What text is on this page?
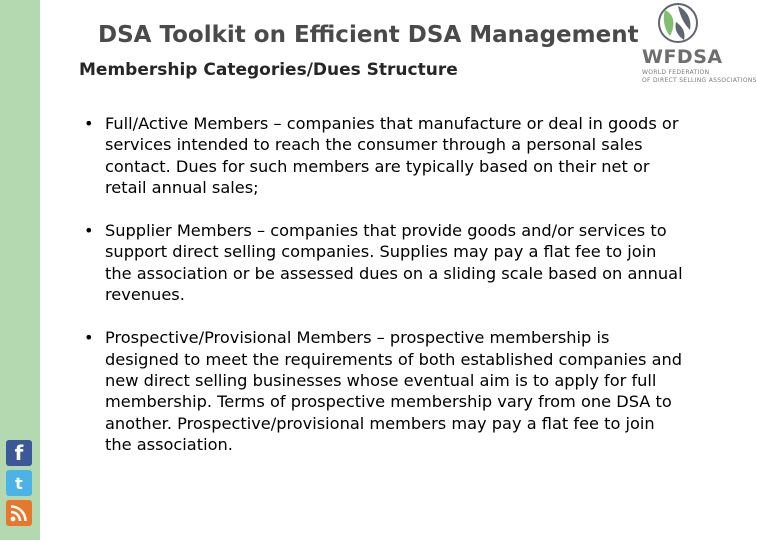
f
t
DSA Toolkit on Efficient DSA Management
Membership Categories/Dues Structure
WFDSA
WORLD FEDERATION
OF DIRECT SELLING ASSOCIATIONS
• Full/Active Members – companies that manufacture or deal in goods or services intended to reach the consumer through a personal sales contact. Dues for such members are typically based on their net or retail annual sales;
• Supplier Members – companies that provide goods and/or services to support direct selling companies. Supplies may pay a flat fee to join the association or be assessed dues on a sliding scale based on annual revenues.
• Prospective/Provisional Members – prospective membership is designed to meet the requirements of both established companies and new direct selling businesses whose eventual aim is to apply for full membership. Terms of prospective membership vary from one DSA to another. Prospective/provisional members may pay a flat fee to join the association.
